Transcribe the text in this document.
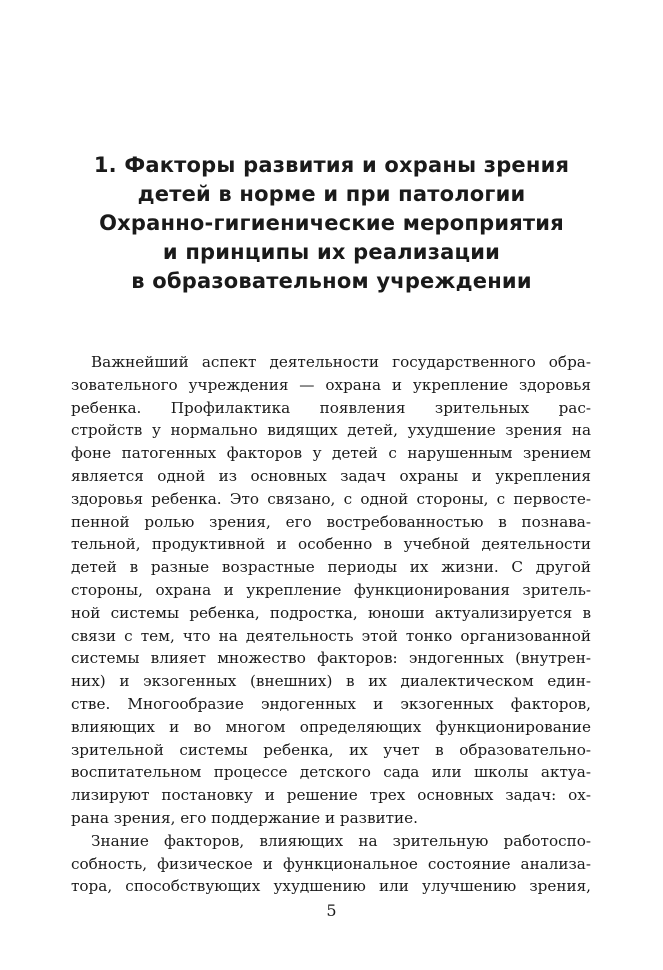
1. Факторы развития и охраны зрения
детей в норме и при патологии
Охранно-гигиенические мероприятия
и принципы их реализации
в образовательном учреждении
Важнейший аспект деятельности государственного обра-
зовательного учреждения — охрана и укрепление здоровья
ребенка. Профилактика появления зрительных рас-
стройств у нормально видящих детей, ухудшение зрения на
фоне патогенных факторов у детей с нарушенным зрением
является одной из основных задач охраны и укрепления
здоровья ребенка. Это связано, с одной стороны, с первосте-
пенной ролью зрения, его востребованностью в познава-
тельной, продуктивной и особенно в учебной деятельности
детей в разные возрастные периоды их жизни. С другой
стороны, охрана и укрепление функционирования зритель-
ной системы ребенка, подростка, юноши актуализируется в
связи с тем, что на деятельность этой тонко организованной
системы влияет множество факторов: эндогенных (внутрен-
них) и экзогенных (внешних) в их диалектическом един-
стве. Многообразие эндогенных и экзогенных факторов,
влияющих и во многом определяющих функционирование
зрительной системы ребенка, их учет в образовательно-
воспитательном процессе детского сада или школы актуа-
лизируют постановку и решение трех основных задач: ох-
рана зрения, его поддержание и развитие.
Знание факторов, влияющих на зрительную работоспо-
собность, физическое и функциональное состояние анализа-
тора, способствующих ухудшению или улучшению зрения,
5
